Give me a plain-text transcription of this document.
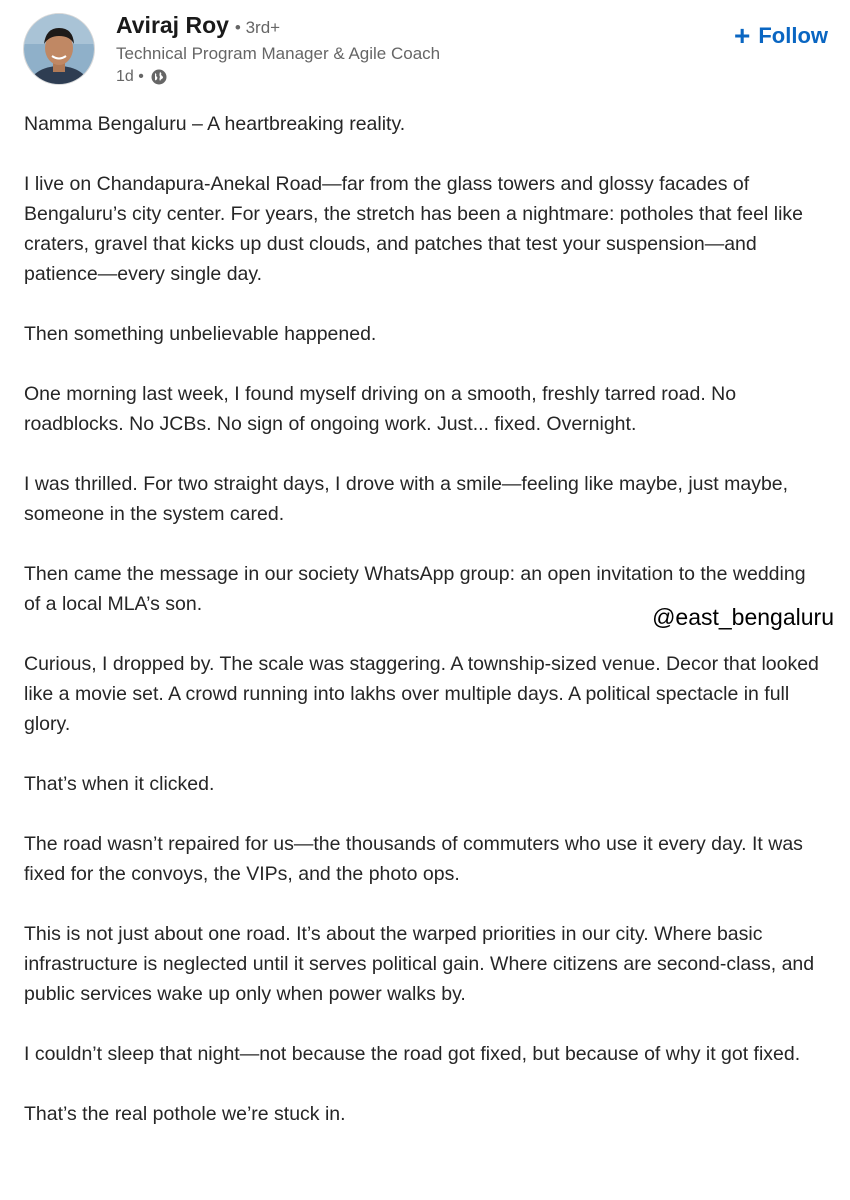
Aviraj Roy • 3rd+
Technical Program Manager & Agile Coach
1d •
+ Follow

Namma Bengaluru – A heartbreaking reality.

I live on Chandapura-Anekal Road—far from the glass towers and glossy facades of Bengaluru’s city center. For years, the stretch has been a nightmare: potholes that feel like craters, gravel that kicks up dust clouds, and patches that test your suspension—and patience—every single day.

Then something unbelievable happened.

One morning last week, I found myself driving on a smooth, freshly tarred road. No roadblocks. No JCBs. No sign of ongoing work. Just... fixed. Overnight.

I was thrilled. For two straight days, I drove with a smile—feeling like maybe, just maybe, someone in the system cared.

Then came the message in our society WhatsApp group: an open invitation to the wedding of a local MLA’s son.

Curious, I dropped by. The scale was staggering. A township-sized venue. Decor that looked like a movie set. A crowd running into lakhs over multiple days. A political spectacle in full glory.

That’s when it clicked.

The road wasn’t repaired for us—the thousands of commuters who use it every day. It was fixed for the convoys, the VIPs, and the photo ops.

This is not just about one road. It’s about the warped priorities in our city. Where basic infrastructure is neglected until it serves political gain. Where citizens are second-class, and public services wake up only when power walks by.

I couldn’t sleep that night—not because the road got fixed, but because of why it got fixed.

That’s the real pothole we’re stuck in.

@east_bengaluru
